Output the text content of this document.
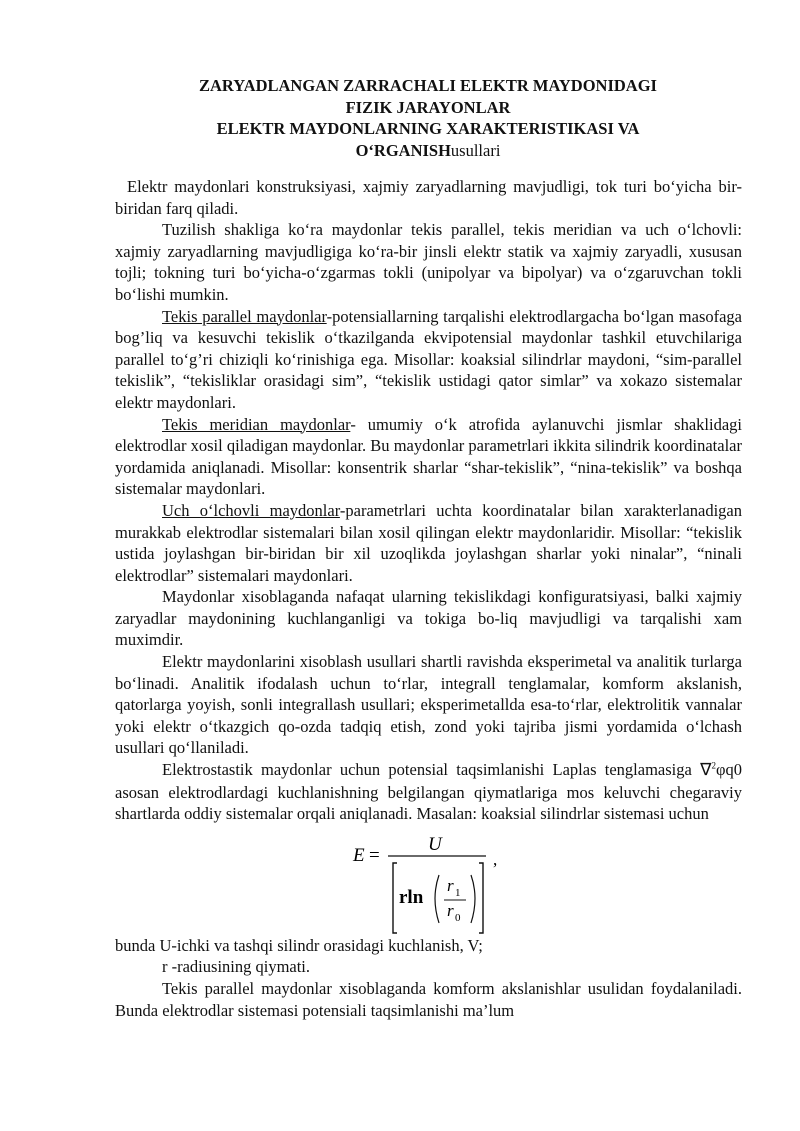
ZARYADLANGAN ZARRACHALI ELEKTR MAYDONIDAGI
FIZIK JARAYONLAR
ELEKTR MAYDONLARNING XARAKTERISTIKASI VA
O‘RGANISHusullari

Elektr maydonlari konstruksiyasi, xajmiy zaryadlarning mavjudligi, tok turi bo‘yicha bir-biridan farq qiladi.

Tuzilish shakliga ko‘ra maydonlar tekis parallel, tekis meridian va uch o‘lchovli: xajmiy zaryadlarning mavjudligiga ko‘ra-bir jinsli elektr statik va xajmiy zaryadli, xususаn tojli; tokning turi bo‘yicha-o‘zgarmas tokli (unipolyar va bipolyar) va o‘zgaruvchan tokli bo‘lishi mumkin.

Tekis parallel maydonlar-potensiallarning tarqalishi elektrodlargacha bo‘lgan masofaga bog’liq va kesuvchi tekislik o‘tkazilganda ekvipotensial maydonlar tashkil etuvchilariga parallel to‘g’ri chiziqli ko‘rinishiga ega. Misollar: koaksial silindrlar maydoni, “sim-parallel tekislik”, “tekisliklar orasidagi sim”, “tekislik ustidagi qator simlar” va xokazo sistemalar elektr maydonlari.

Tekis meridian maydonlar- umumiy o‘k atrofida aylanuvchi jismlar shaklidagi elektrodlar xosil qiladigan maydonlar. Bu maydonlar parametrlari ikkita silindrik koordinatalar yordamida aniqlanadi. Misollar: konsentrik sharlar “shar-tekislik”, “nina-tekislik” va boshqa sistemalar maydonlari.

Uch o‘lchovli maydonlar-parametrlari uchta koordinatalar bilan xarakterlanadigan murakkab elektrodlar sistemalari bilan xosil qilingan elektr maydonlaridir. Misollar: “tekislik ustida joylashgan bir-biridan bir xil uzoqlikda joylashgan sharlar yoki ninalar”, “ninali elektrodlar” sistemalari maydonlari.

Maydonlar xisoblaganda nafaqat ularning tekislikdagi konfiguratsiyasi, balki xajmiy zaryadlar maydonining kuchlanganligi va tokiga bo-liq mavjudligi va tarqalishi xam muximdir.

Elektr maydonlarini xisoblash usullari shartli ravishda eksperimetal va analitik turlarga bo‘linadi. Analitik ifodalash uchun to‘rlar, integrall tenglamalar, komform akslanish, qatorlarga yoyish, sonli integrallash usullari; eksperimetallda esa-to‘rlar, elektrolitik vannalar yoki elektr o‘tkazgich qo-ozda tadqiq etish, zond yoki tajriba jismi yordamida o‘lchash usullari qo‘llaniladi.

Elektrostastik maydonlar uchun potensial taqsimlanishi Laplas tenglamasiga ∇$^2$φq0 asosan elektrodlardagi kuchlanishning belgilangan qiymatlariga mos keluvchi chegaraviy shartlarda oddiy sistemalar orqali aniqlanadi. Masalan: koaksial silindrlar sistemasi uchun

E =
U
rln
r 1
r 0
,

bunda U-ichki va tashqi silindr orasidagi kuchlanish, V;

r -radiusining qiymati.

Tekis parallel maydonlar xisoblaganda komform akslanishlar usulidan foydalaniladi. Bunda elektrodlar sistemasi potensiali taqsimlanishi ma’lum
